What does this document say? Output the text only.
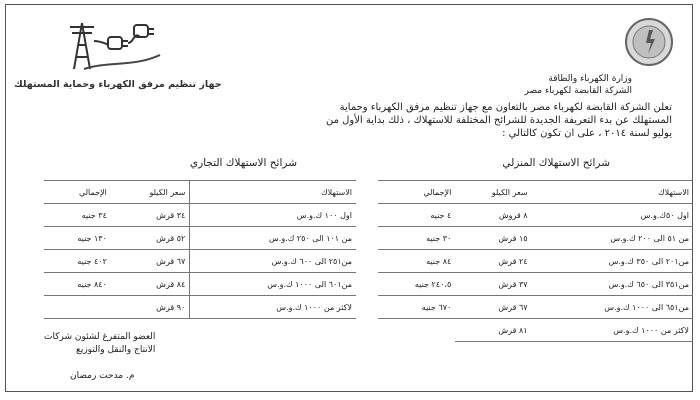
وزارة الكهرباء والطاقة
الشركة القابضة لكهرباء مصر
جهاز تنظيم مرفق الكهرباء وحماية المستهلك
تعلن الشركة القابضة لكهرباء مصر بالتعاون مع جهاز تنظيم مرفق الكهرباء وحماية
المستهلك عن بدء التعريفة الجديدة للشرائح المختلفة للاستهلاك ، ذلك بداية الأول من
يوليو لسنة ٢٠١٤ ، على ان تكون كالتالي :
شرائح الاستهلاك المنزلي
شرائح الاستهلاك التجاري
الاستهلاك	سعر الكيلو	الإجمالي
اول ٥٠ك.و.س	٨ قروش	٤ جنيه
من ٥١ الى ٢٠٠ ك.و.س	١٥ قرش	٣٠ جنيه
من٢٠١ الى ٣٥٠ ك.و.س	٢٤ قرش	٨٤ جنيه
من٣٥١ الى ٦٥٠ ك.و.س	٣٧ قرش	٢٤٠،٥ جنيه
من٦٥١ الى ١٠٠٠ ك.و.س	٦٧ قرش	٦٧٠ جنيه
لاكثر من ١٠٠٠ ك.و.س	٨١ قرش	
الاستهلاك	سعر الكيلو	الإجمالي
اول ١٠٠ ك.و.س	٣٤ قرش	٣٤ جنيه
من ١٠١ الى ٢٥٠ ك.و.س	٥٢ قرش	١٣٠ جنيه
من٢٥١ الى ٦٠٠ ك.و.س	٦٧ قرش	٤٠٢ جنيه
من٦٠١ الى ١٠٠٠ ك.و.س	٨٤ قرش	٨٤٠ جنيه
لاكثر من ١٠٠٠ ك.و.س	٩٠ قرش	
العضو المتفرغ لشئون شركات
الانتاج والنقل والتوزيع
م. مدحت رمضان
